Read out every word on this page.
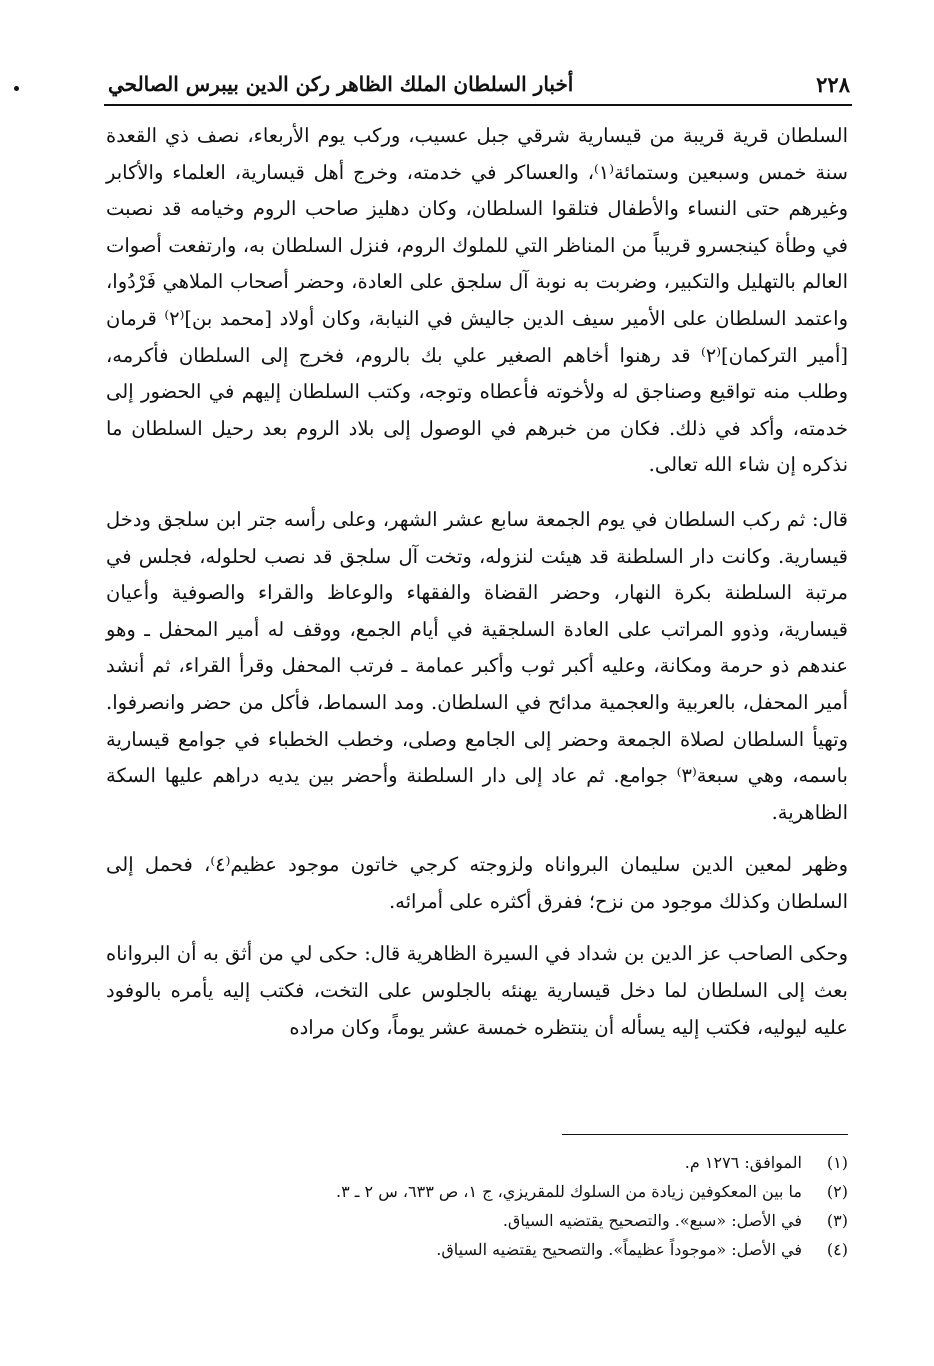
٢٢٨
أخبار السلطان الملك الظاهر ركن الدين بيبرس الصالحي

السلطان قرية قريبة من قيسارية شرقي جبل عسيب، وركب يوم الأربعاء، نصف ذي القعدة سنة خمس وسبعين وستمائة⁽١⁾، والعساكر في خدمته، وخرج أهل قيسارية، العلماء والأكابر وغيرهم حتى النساء والأطفال فتلقوا السلطان، وكان دهليز صاحب الروم وخيامه قد نصبت في وطأة كينجسرو قريباً من المناظر التي للملوك الروم، فنزل السلطان به، وارتفعت أصوات العالم بالتهليل والتكبير، وضربت به نوبة آل سلجق على العادة، وحضر أصحاب الملاهي فَرْدُوا، واعتمد السلطان على الأمير سيف الدين جاليش في النيابة، وكان أولاد [محمد بن]⁽٢⁾ قرمان [أمير التركمان]⁽٢⁾ قد رهنوا أخاهم الصغير علي بك بالروم، فخرج إلى السلطان فأكرمه، وطلب منه تواقيع وصناجق له ولأخوته فأعطاه وتوجه، وكتب السلطان إليهم في الحضور إلى خدمته، وأكد في ذلك. فكان من خبرهم في الوصول إلى بلاد الروم بعد رحيل السلطان ما نذكره إن شاء الله تعالى.

قال: ثم ركب السلطان في يوم الجمعة سابع عشر الشهر، وعلى رأسه جتر ابن سلجق ودخل قيسارية. وكانت دار السلطنة قد هيئت لنزوله، وتخت آل سلجق قد نصب لحلوله، فجلس في مرتبة السلطنة بكرة النهار، وحضر القضاة والفقهاء والوعاظ والقراء والصوفية وأعيان قيسارية، وذوو المراتب على العادة السلجقية في أيام الجمع، ووقف له أمير المحفل ـ وهو عندهم ذو حرمة ومكانة، وعليه أكبر ثوب وأكبر عمامة ـ فرتب المحفل وقرأ القراء، ثم أنشد أمير المحفل، بالعربية والعجمية مدائح في السلطان. ومد السماط، فأكل من حضر وانصرفوا. وتهيأ السلطان لصلاة الجمعة وحضر إلى الجامع وصلى، وخطب الخطباء في جوامع قيسارية باسمه، وهي سبعة⁽٣⁾ جوامع. ثم عاد إلى دار السلطنة وأحضر بين يديه دراهم عليها السكة الظاهرية.

وظهر لمعين الدين سليمان البرواناه ولزوجته كرجي خاتون موجود عظيم⁽٤⁾، فحمل إلى السلطان وكذلك موجود من نزح؛ ففرق أكثره على أمرائه.

وحكى الصاحب عز الدين بن شداد في السيرة الظاهرية قال: حكى لي من أثق به أن البرواناه بعث إلى السلطان لما دخل قيسارية يهنئه بالجلوس على التخت، فكتب إليه يأمره بالوفود عليه ليوليه، فكتب إليه يسأله أن ينتظره خمسة عشر يوماً، وكان مراده

(١)
الموافق: ١٢٧٦ م.
(٢)
ما بين المعكوفين زيادة من السلوك للمقريزي، ج ١، ص ٦٣٣، س ٢ ـ ٣.
(٣)
في الأصل: «سبع». والتصحيح يقتضيه السياق.
(٤)
في الأصل: «موجوداً عظيماً». والتصحيح يقتضيه السياق.
